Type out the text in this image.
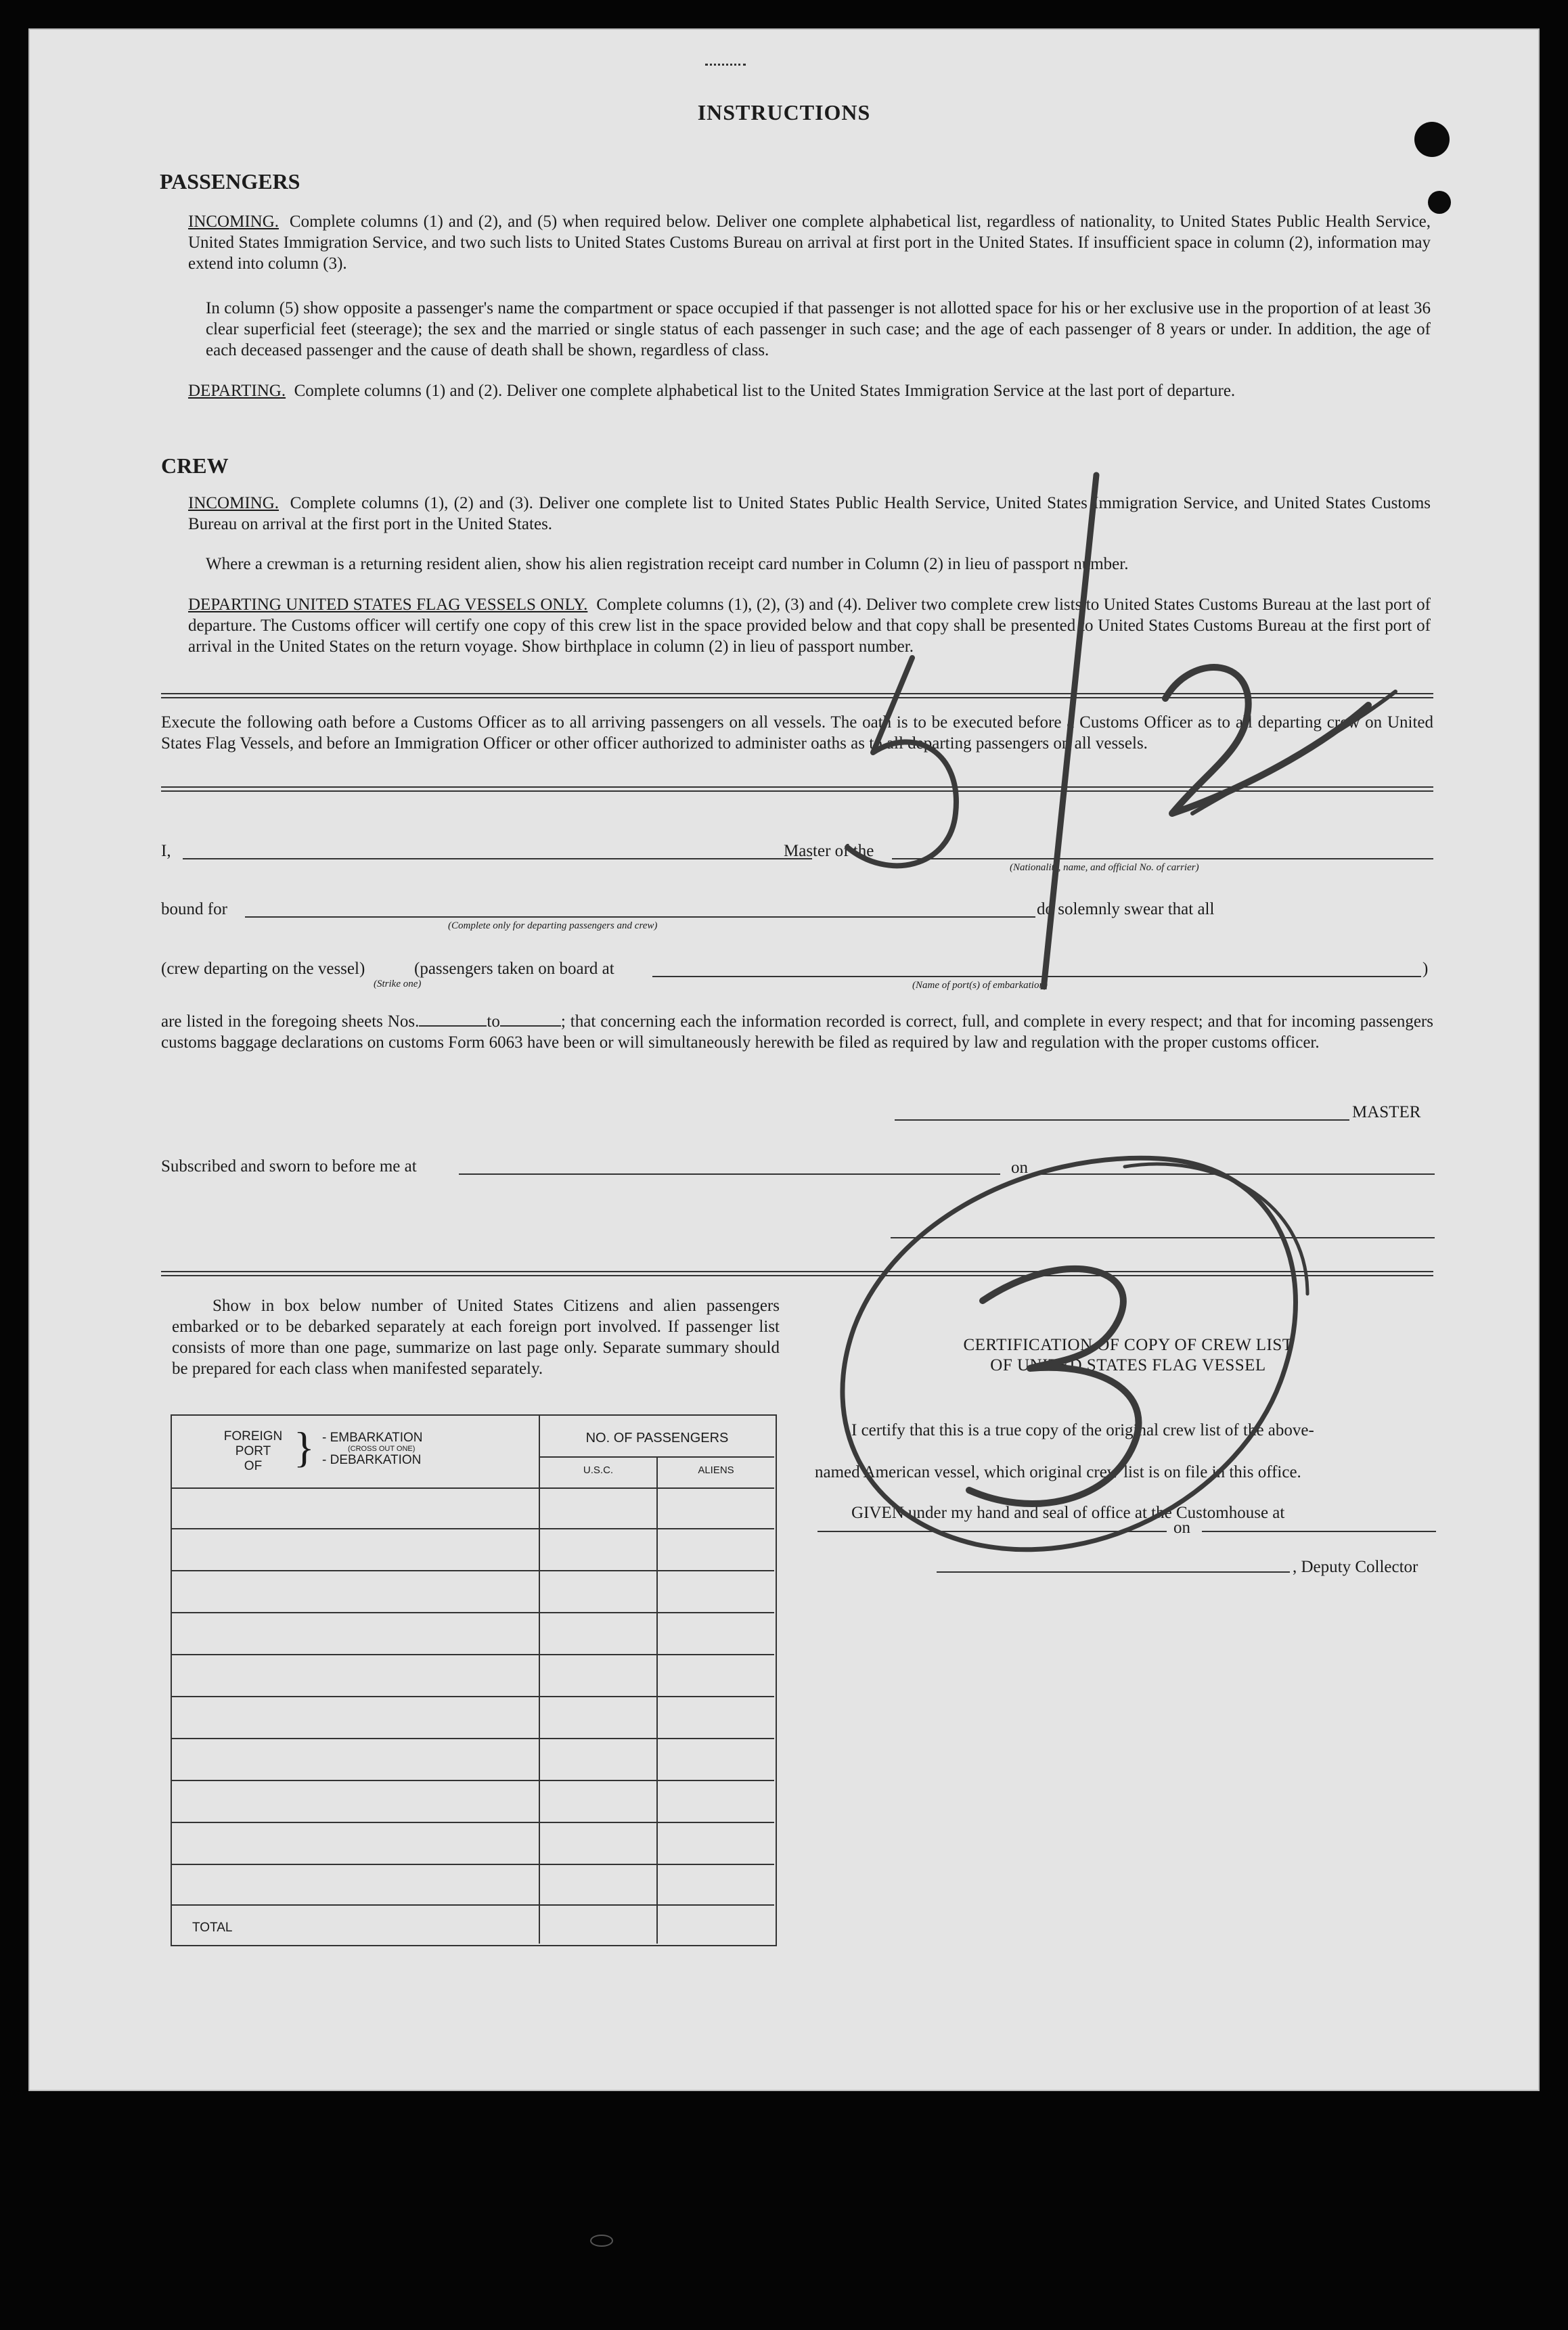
INSTRUCTIONS
PASSENGERS
INCOMING. Complete columns (1) and (2), and (5) when required below. Deliver one complete alphabetical list, regardless of nationality, to United States Public Health Service, United States Immigration Service, and two such lists to United States Customs Bureau on arrival at first port in the United States. If insufficient space in column (2), information may extend into column (3).
In column (5) show opposite a passenger's name the compartment or space occupied if that passenger is not allotted space for his or her exclusive use in the proportion of at least 36 clear superficial feet (steerage); the sex and the married or single status of each passenger in such case; and the age of each passenger of 8 years or under. In addition, the age of each deceased passenger and the cause of death shall be shown, regardless of class.
DEPARTING. Complete columns (1) and (2). Deliver one complete alphabetical list to the United States Immigration Service at the last port of departure.
CREW
INCOMING. Complete columns (1), (2) and (3). Deliver one complete list to United States Public Health Service, United States Immigration Service, and United States Customs Bureau on arrival at the first port in the United States.
Where a crewman is a returning resident alien, show his alien registration receipt card number in Column (2) in lieu of passport number.
DEPARTING UNITED STATES FLAG VESSELS ONLY. Complete columns (1), (2), (3) and (4). Deliver two complete crew lists to United States Customs Bureau at the last port of departure. The Customs officer will certify one copy of this crew list in the space provided below and that copy shall be presented to United States Customs Bureau at the first port of arrival in the United States on the return voyage. Show birthplace in column (2) in lieu of passport number.
Execute the following oath before a Customs Officer as to all arriving passengers on all vessels. The oath is to be executed before a Customs Officer as to all departing crew on United States Flag Vessels, and before an Immigration Officer or other officer authorized to administer oaths as to all departing passengers on all vessels.
I,	Master of the
(Nationality, name, and official No. of carrier)
bound for
(Complete only for departing passengers and crew)
do solemnly swear that all
(crew departing on the vessel)
(Strike one)
(passengers taken on board at
(Name of port(s) of embarkation)
)
are listed in the foregoing sheets Nos.	to	; that concerning each the information recorded is correct, full, and complete in every respect; and that for incoming passengers customs baggage declarations on customs Form 6063 have been or will simultaneously herewith be filed as required by law and regulation with the proper customs officer.
MASTER
Subscribed and sworn to before me at	on
Show in box below number of United States Citizens and alien passengers embarked or to be debarked separately at each foreign port involved. If passenger list consists of more than one page, summarize on last page only. Separate summary should be prepared for each class when manifested separately.
FOREIGN
PORT
OF } - EMBARKATION
(CROSS OUT ONE)
- DEBARKATION
NO. OF PASSENGERS
U.S.C.	ALIENS
TOTAL
CERTIFICATION OF COPY OF CREW LIST
OF UNITED STATES FLAG VESSEL
I certify that this is a true copy of the original crew list of the above-
named American vessel, which original crew list is on file in this office.
GIVEN under my hand and seal of office at the Customhouse at
on
, Deputy Collector
